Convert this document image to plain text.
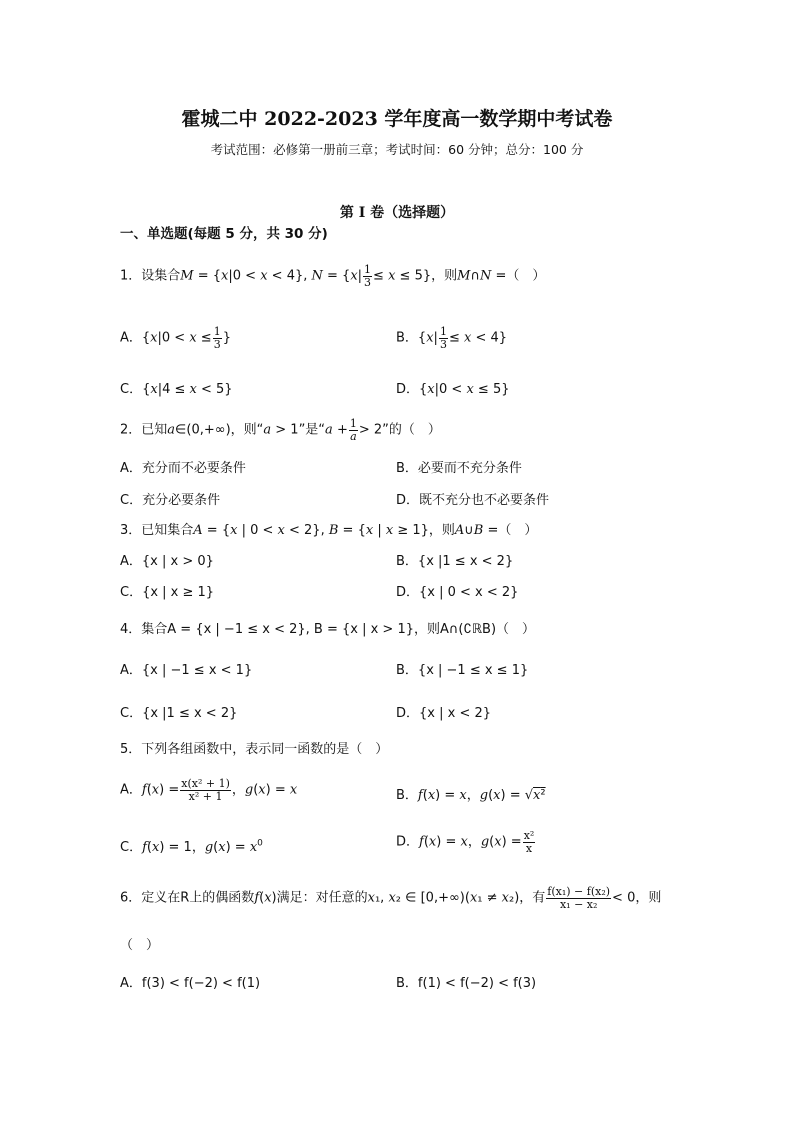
霍城二中 2022-2023 学年度高一数学期中考试卷
考试范围：必修第一册前三章；考试时间：60 分钟；总分：100 分
第 I 卷（选择题）
一、单选题(每题 5 分，共 30 分)
1．设集合M = {x|0 < x < 4}, $N = \{x| \frac{1}{3} \le x \le 5\}$，则M∩N =（　）
A．{$x|0 < x \le \frac{1}{3}$ }	B．$\{x| \frac{1}{3} \le x < 4\}$
C．{x|4 ≤ x < 5}	D．{x|0 < x ≤ 5}
2．已知a∈(0,+∞)，则“a > 1”是“$a + \frac{1}{a} > 2$”的（　）
A．充分而不必要条件	B．必要而不充分条件
C．充分必要条件	D．既不充分也不必要条件
3．已知集合A = {x | 0 < x < 2}, B = {x | x ≥ 1}，则A∪B =（　）
A．{x | x > 0}	B．{x |1 ≤ x < 2}
C．{x | x ≥ 1}	D．{x | 0 < x < 2}
4．集合A = {x | −1 ≤ x < 2}, B = {x | x > 1}，则A∩(∁ℝB)（　）
A．{x | −1 ≤ x < 1}	B．{x | −1 ≤ x ≤ 1}
C．{x |1 ≤ x < 2}	D．{x | x < 2}
5．下列各组函数中，表示同一函数的是（　）
A．$f(x) = \frac{\text{x(x² + 1)}}{\text{x² + 1}}$ ，g(x) = x	B．f(x) = x，g(x) = √x²
C．f(x) = 1，$g(x) = x^0$	D．f(x) = x，$g(x) = \frac{\text{x²}}{x}$
6．定义在R上的偶函数f(x)满足：对任意的x₁, x₂ ∈ [0,+∞)(x₁ ≠ x₂)，有 $\frac{\text{f(x₁) − f(x₂)}}{\text{x₁ − x₂}} < 0$，则
（　）
A．f(3) < f(−2) < f(1)	B．f(1) < f(−2) < f(3)
